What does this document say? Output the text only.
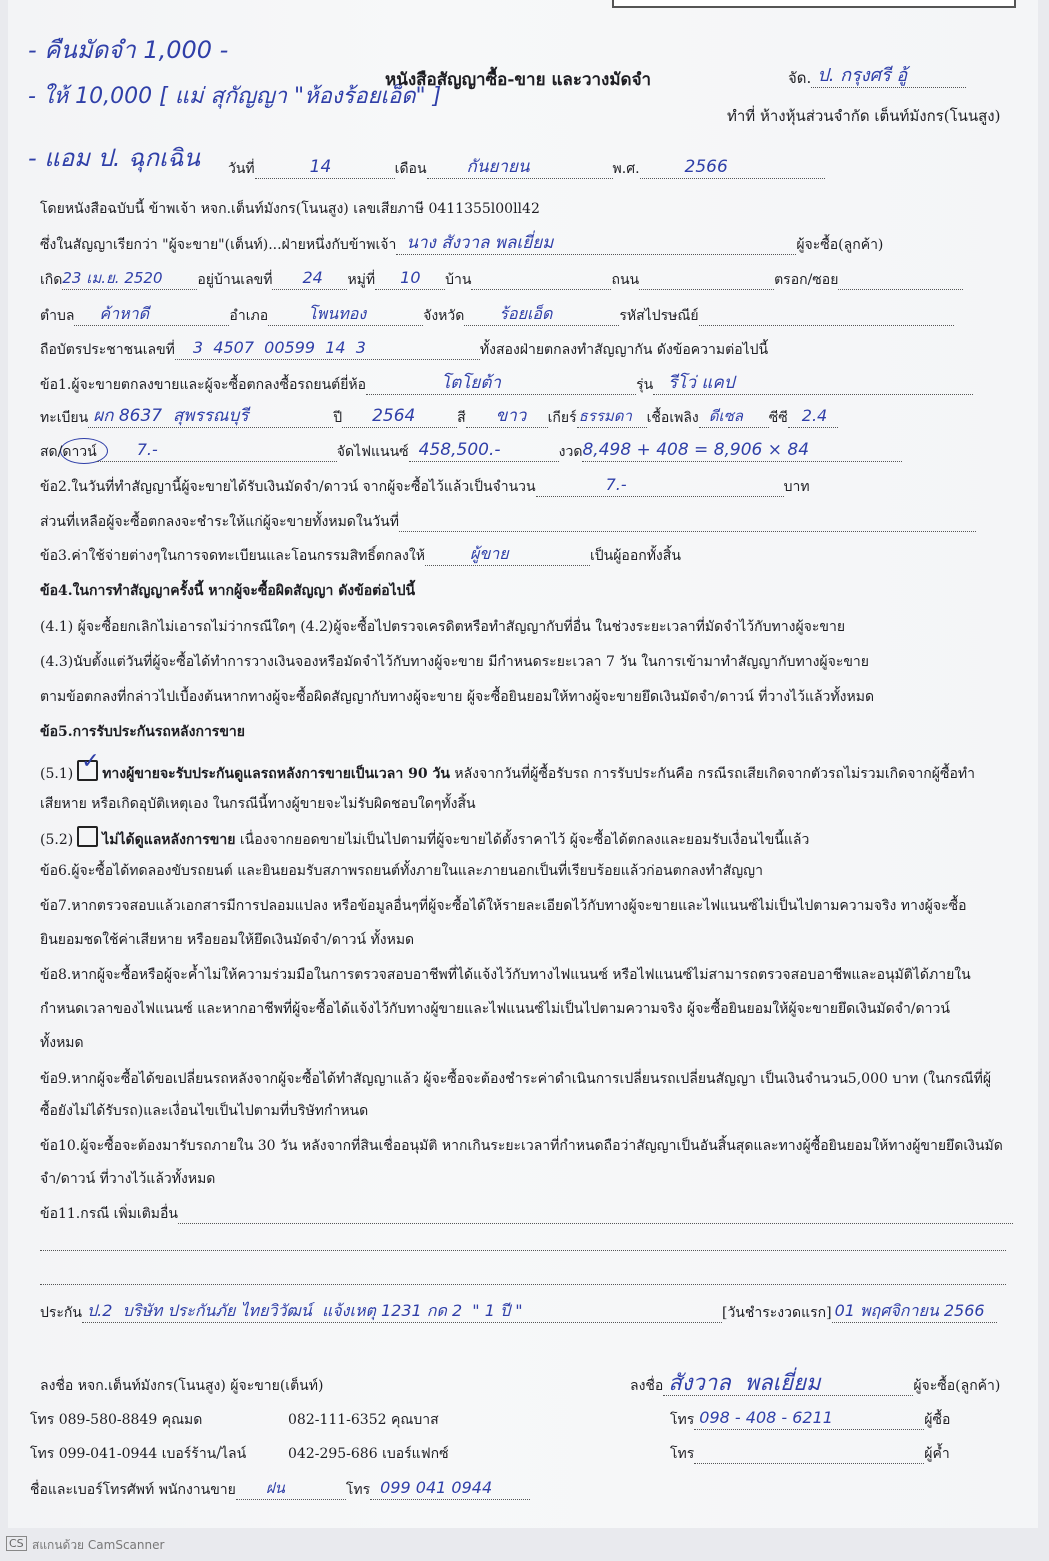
- คืนมัดจำ 1,000 -
- ให้ 10,000 [ แม่ สุกัญญา "ห้องร้อยเอ็ด" ]
- แอม ป. ฉุกเฉิน
หนังสือสัญญาซื้อ-ขาย และวางมัดจำ	จัด. ป. กรุงศรี อู้
ทำที่ ห้างหุ้นส่วนจำกัด เต็นท์มังกร(โนนสูง)
วันที่	14	เดือน กันยายน	พ.ศ.	2566
โดยหนังสือฉบับนี้ ข้าพเจ้า หจก.เต็นท์มังกร(โนนสูง) เลขเสียภาษี 0411355l00ll42
ซึ่งในสัญญาเรียกว่า "ผู้จะขาย"(เต็นท์)...ฝ่ายหนึ่งกับข้าพเจ้า นาง สังวาล พลเยี่ยม	ผู้จะซื้อ(ลูกค้า)
เกิด 23 เม.ย. 2520 อยู่บ้านเลขที่ 24 หมู่ที่ 10 บ้าน	ถนน	ตรอก/ซอย
ตำบล ค้าหาดี	อำเภอ	โพนทอง	จังหวัด ร้อยเอ็ด	รหัสไปรษณีย์
ถือบัตรประชาชนเลขที่ 3  4507  00599  14  3	ทั้งสองฝ่ายตกลงทำสัญญากัน ดังข้อความต่อไปนี้
ข้อ1.ผู้จะขายตกลงขายและผู้จะซื้อตกลงซื้อรถยนต์ยี่ห้อ	โตโยต้า	รุ่น รีโว่ แคป
ทะเบียน ผก 8637  สุพรรณบุรี	ปี 2564	สี ขาว เกียร์ ธรรมดา เชื้อเพลิง ดีเซล ซีซี 2.4
สด/ดาวน์	7.-	จัดไฟแนนซ์ 458,500.-	งวด 8,498 + 408 = 8,906 × 84
ข้อ2.ในวันที่ทำสัญญานี้ผู้จะขายได้รับเงินมัดจำ/ดาวน์ จากผู้จะซื้อไว้แล้วเป็นจำนวน	7.-	บาท
ส่วนที่เหลือผู้จะซื้อตกลงจะชำระให้แก่ผู้จะขายทั้งหมดในวันที่
ข้อ3.ค่าใช้จ่ายต่างๆในการจดทะเบียนและโอนกรรมสิทธิ์ตกลงให้	ผู้ขาย	เป็นผู้ออกทั้งสิ้น
ข้อ4.ในการทำสัญญาครั้งนี้ หากผู้จะซื้อผิดสัญญา ดังข้อต่อไปนี้
(4.1) ผู้จะซื้อยกเลิกไม่เอารถไม่ว่ากรณีใดๆ (4.2)ผู้จะซื้อไปตรวจเครดิตหรือทำสัญญากับที่อื่น ในช่วงระยะเวลาที่มัดจำไว้กับทางผู้จะขาย
(4.3)นับตั้งแต่วันที่ผู้จะซื้อได้ทำการวางเงินจองหรือมัดจำไว้กับทางผู้จะขาย มีกำหนดระยะเวลา 7 วัน ในการเข้ามาทำสัญญากับทางผู้จะขาย
ตามข้อตกลงที่กล่าวไปเบื้องต้นหากทางผู้จะซื้อผิดสัญญากับทางผู้จะขาย ผู้จะซื้อยินยอมให้ทางผู้จะขายยึดเงินมัดจำ/ดาวน์ ที่วางไว้แล้วทั้งหมด
ข้อ5.การรับประกันรถหลังการขาย
(5.1) ✓ ทางผู้ขายจะรับประกันดูแลรถหลังการขายเป็นเวลา 90 วัน หลังจากวันที่ผู้ซื้อรับรถ การรับประกันคือ กรณีรถเสียเกิดจากตัวรถไม่รวมเกิดจากผู้ซื้อทำ
เสียหาย หรือเกิดอุบัติเหตุเอง ในกรณีนี้ทางผู้ขายจะไม่รับผิดชอบใดๆทั้งสิ้น
(5.2) ไม่ได้ดูแลหลังการขาย เนื่องจากยอดขายไม่เป็นไปตามที่ผู้จะขายได้ตั้งราคาไว้ ผู้จะซื้อได้ตกลงและยอมรับเงื่อนไขนี้แล้ว
ข้อ6.ผู้จะซื้อได้ทดลองขับรถยนต์ และยินยอมรับสภาพรถยนต์ทั้งภายในและภายนอกเป็นที่เรียบร้อยแล้วก่อนตกลงทำสัญญา
ข้อ7.หากตรวจสอบแล้วเอกสารมีการปลอมแปลง หรือข้อมูลอื่นๆที่ผู้จะซื้อได้ให้รายละเอียดไว้กับทางผู้จะขายและไฟแนนซ์ไม่เป็นไปตามความจริง ทางผู้จะซื้อ
ยินยอมชดใช้ค่าเสียหาย หรือยอมให้ยึดเงินมัดจำ/ดาวน์ ทั้งหมด
ข้อ8.หากผู้จะซื้อหรือผู้จะค้ำไม่ให้ความร่วมมือในการตรวจสอบอาชีพที่ได้แจ้งไว้กับทางไฟแนนซ์ หรือไฟแนนซ์ไม่สามารถตรวจสอบอาชีพและอนุมัติได้ภายใน
กำหนดเวลาของไฟแนนซ์ และหากอาชีพที่ผู้จะซื้อได้แจ้งไว้กับทางผู้ขายและไฟแนนซ์ไม่เป็นไปตามความจริง ผู้จะซื้อยินยอมให้ผู้จะขายยึดเงินมัดจำ/ดาวน์
ทั้งหมด
ข้อ9.หากผู้จะซื้อได้ขอเปลี่ยนรถหลังจากผู้จะซื้อได้ทำสัญญาแล้ว ผู้จะซื้อจะต้องชำระค่าดำเนินการเปลี่ยนรถเปลี่ยนสัญญา เป็นเงินจำนวน5,000 บาท (ในกรณีที่ผู้
ซื้อยังไม่ได้รับรถ)และเงื่อนไขเป็นไปตามที่บริษัทกำหนด
ข้อ10.ผู้จะซื้อจะต้องมารับรถภายใน 30 วัน หลังจากที่สินเชื่ออนุมัติ หากเกินระยะเวลาที่กำหนดถือว่าสัญญาเป็นอันสิ้นสุดและทางผู้ซื้อยินยอมให้ทางผู้ขายยึดเงินมัด
จำ/ดาวน์ ที่วางไว้แล้วทั้งหมด
ข้อ11.กรณี เพิ่มเติมอื่น
ประกัน ป.2  บริษัท ประกันภัย ไทยวิวัฒน์  แจ้งเหตุ 1231 กด 2  " 1 ปี "	[วันชำระงวดแรก] 01 พฤศจิกายน 2566
ลงชื่อ หจก.เต็นท์มังกร(โนนสูง) ผู้จะขาย(เต็นท์)
โทร 089-580-8849 คุณมด	082-111-6352 คุณบาส
โทร 099-041-0944 เบอร์ร้าน/ไลน์	042-295-686 เบอร์แฟกซ์
ชื่อและเบอร์โทรศัพท์ พนักงานขาย ฝน	โทร 099 041 0944
ลงชื่อ สังวาล  พลเยี่ยม	ผู้จะซื้อ(ลูกค้า)
โทร 098 - 408 - 6211	ผู้ซื้อ
โทร	ผู้ค้ำ
CS สแกนด้วย CamScanner
